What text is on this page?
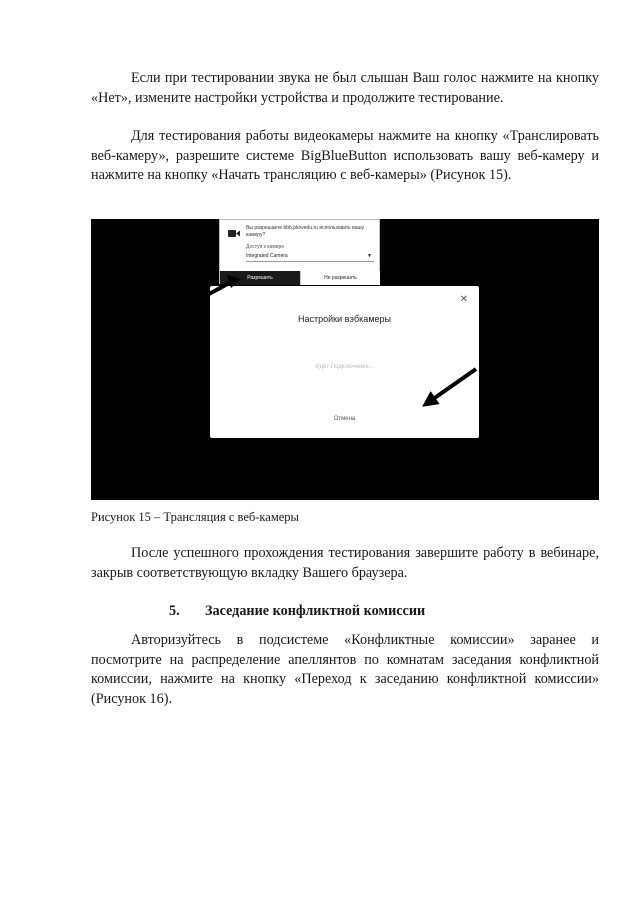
Если при тестировании звука не был слышан Ваш голос нажмите на кнопку «Нет», измените настройки устройства и продолжите тестирование.

Для тестирования работы видеокамеры нажмите на кнопку «Транслировать веб-камеру», разрешите системе BigBlueButton использовать вашу веб-камеру и нажмите на кнопку «Начать трансляцию с веб-камеры» (Рисунок 15).

Вы разрешаете bbb.pkovedu.ru использовать вашу камеру?
Доступ к камере
Integrated Camera	▼
Разрешить	Не разрешать
✕
Настройки вэбкамеры
Идёт Подключение...
Отмена

Рисунок 15 – Трансляция с веб-камеры

После успешного прохождения тестирования завершите работу в вебинаре, закрыв соответствующую вкладку Вашего браузера.

5. Заседание конфликтной комиссии

Авторизуйтесь в подсистеме «Конфликтные комиссии» заранее и посмотрите на распределение апеллянтов по комнатам заседания конфликтной комиссии, нажмите на кнопку «Переход к заседанию конфликтной комиссии» (Рисунок 16).
